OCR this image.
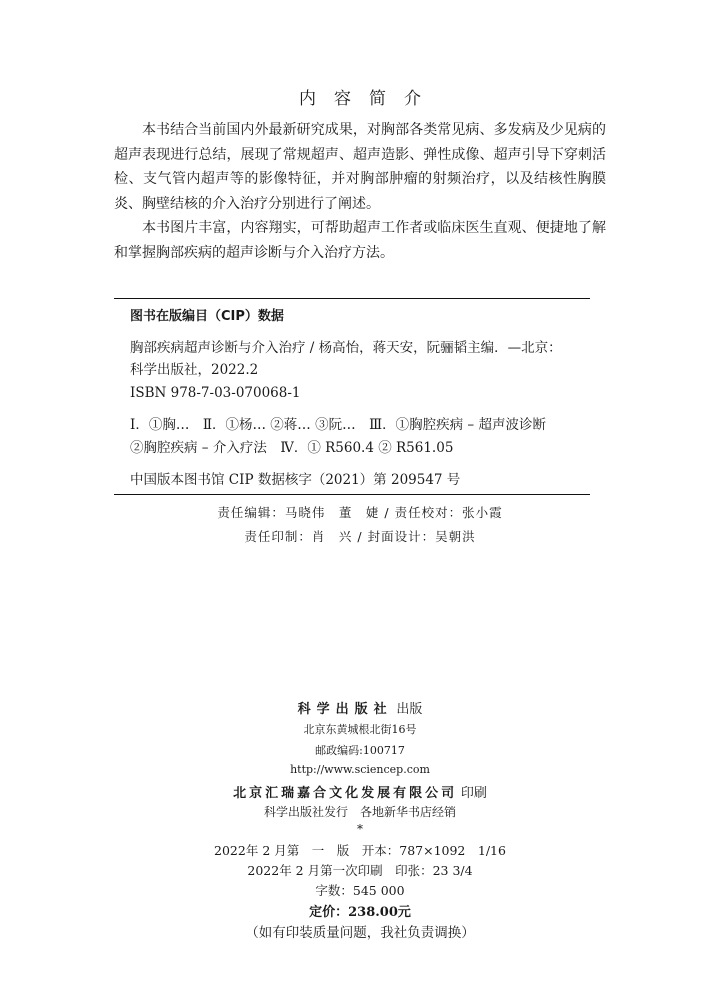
内容简介

本书结合当前国内外最新研究成果，对胸部各类常见病、多发病及少见病的超声表现进行总结，展现了常规超声、超声造影、弹性成像、超声引导下穿刺活检、支气管内超声等的影像特征，并对胸部肿瘤的射频治疗，以及结核性胸膜炎、胸壁结核的介入治疗分别进行了阐述。

本书图片丰富，内容翔实，可帮助超声工作者或临床医生直观、便捷地了解和掌握胸部疾病的超声诊断与介入治疗方法。

图书在版编目（CIP）数据
胸部疾病超声诊断与介入治疗 / 杨高怡，蒋天安，阮骊韬主编．—北京：
科学出版社，2022.2
ISBN 978-7-03-070068-1
Ⅰ．①胸…　Ⅱ．①杨… ②蒋… ③阮…　Ⅲ．①胸腔疾病 – 超声波诊断
②胸腔疾病 – 介入疗法　Ⅳ．① R560.4 ② R561.05
中国版本图书馆 CIP 数据核字（2021）第 209547 号
责任编辑：马晓伟　董　婕 / 责任校对：张小霞
责任印制：肖　兴 / 封面设计：吴朝洪
科学出版社 出版
北京东黄城根北街16号
邮政编码:100717
http://www.sciencep.com
北京汇瑞嘉合文化发展有限公司 印刷
科学出版社发行　各地新华书店经销
*
2022年 2 月第　一　版　开本：787×1092　1/16
2022年 2 月第一次印刷　印张：23 3/4
字数：545 000
定价：238.00元
（如有印装质量问题，我社负责调换）
